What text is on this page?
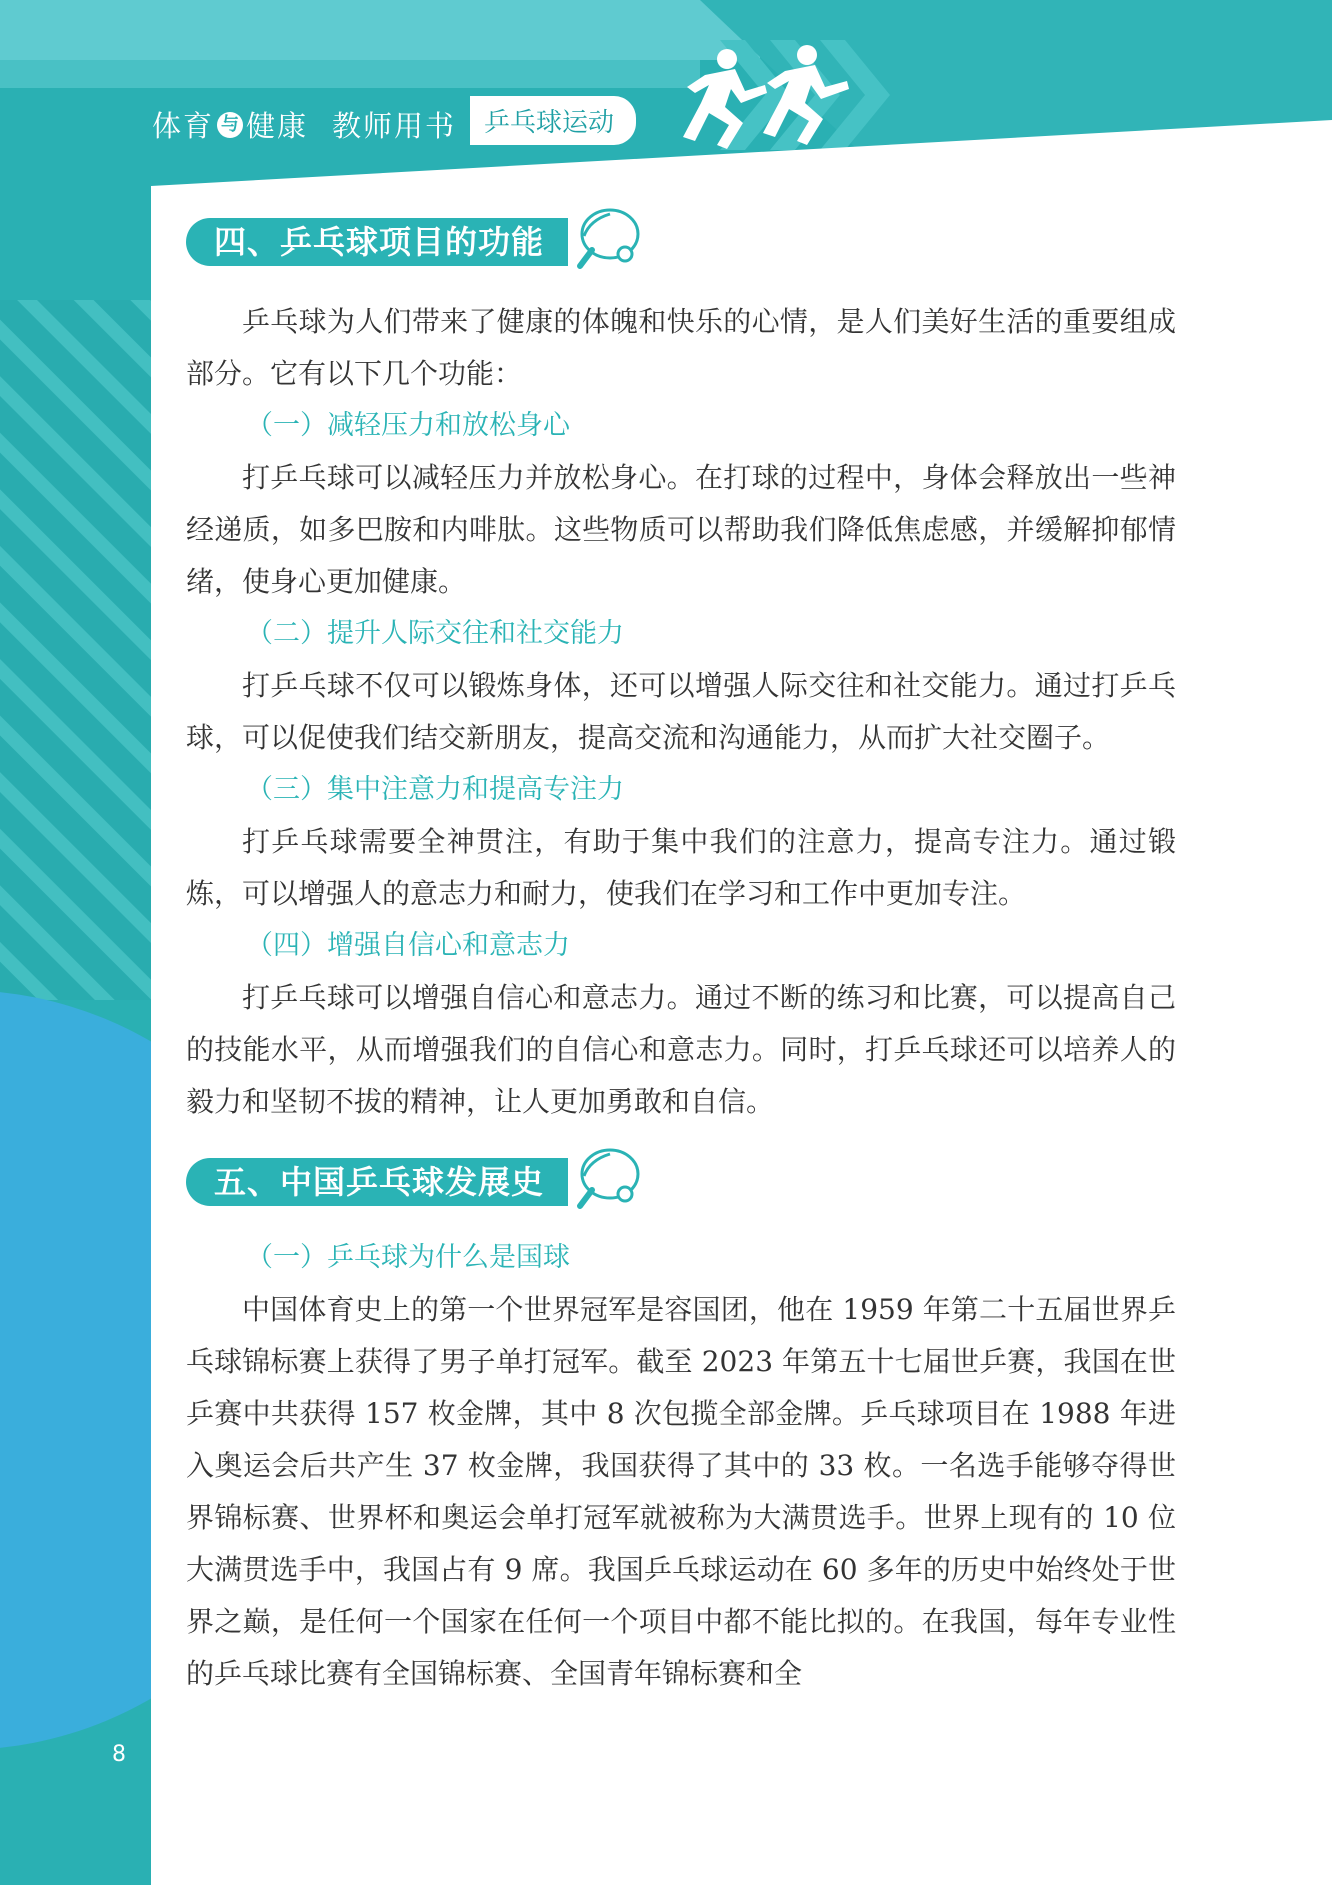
体育 与 健康 教师用书	乒乓球运动
四、乒乓球项目的功能

乒乓球为人们带来了健康的体魄和快乐的心情，是人们美好生活的重要组成部分。它有以下几个功能：

（一）减轻压力和放松身心

打乒乓球可以减轻压力并放松身心。在打球的过程中，身体会释放出一些神经递质，如多巴胺和内啡肽。这些物质可以帮助我们降低焦虑感，并缓解抑郁情绪，使身心更加健康。

（二）提升人际交往和社交能力

打乒乓球不仅可以锻炼身体，还可以增强人际交往和社交能力。通过打乒乓球，可以促使我们结交新朋友，提高交流和沟通能力，从而扩大社交圈子。

（三）集中注意力和提高专注力

打乒乓球需要全神贯注，有助于集中我们的注意力，提高专注力。通过锻炼，可以增强人的意志力和耐力，使我们在学习和工作中更加专注。

（四）增强自信心和意志力

打乒乓球可以增强自信心和意志力。通过不断的练习和比赛，可以提高自己的技能水平，从而增强我们的自信心和意志力。同时，打乒乓球还可以培养人的毅力和坚韧不拔的精神，让人更加勇敢和自信。

五、中国乒乓球发展史

（一）乒乓球为什么是国球

中国体育史上的第一个世界冠军是容国团，他在 1959 年第二十五届世界乒乓球锦标赛上获得了男子单打冠军。截至 2023 年第五十七届世乒赛，我国在世乒赛中共获得 157 枚金牌，其中 8 次包揽全部金牌。乒乓球项目在 1988 年进入奥运会后共产生 37 枚金牌，我国获得了其中的 33 枚。一名选手能够夺得世界锦标赛、世界杯和奥运会单打冠军就被称为大满贯选手。世界上现有的 10 位大满贯选手中，我国占有 9 席。我国乒乓球运动在 60 多年的历史中始终处于世界之巅，是任何一个国家在任何一个项目中都不能比拟的。在我国，每年专业性的乒乓球比赛有全国锦标赛、全国青年锦标赛和全

8
